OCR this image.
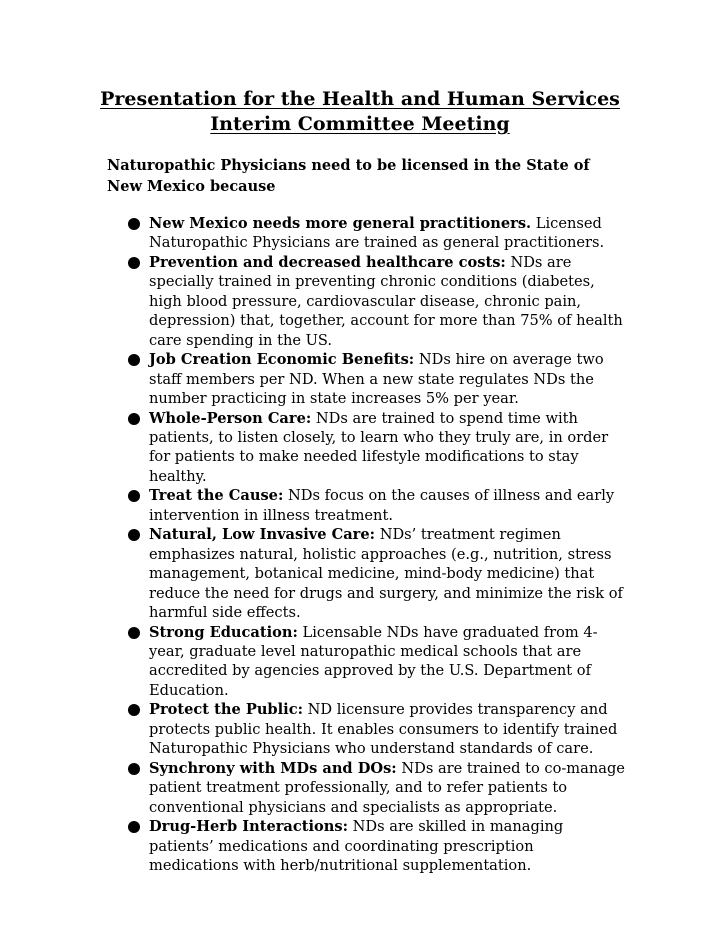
Presentation for the Health and Human Services
Interim Committee Meeting
Naturopathic Physicians need to be licensed in the State of New Mexico because
New Mexico needs more general practitioners. Licensed Naturopathic Physicians are trained as general practitioners.
Prevention and decreased healthcare costs: NDs are specially trained in preventing chronic conditions (diabetes, high blood pressure, cardiovascular disease, chronic pain, depression) that, together, account for more than 75% of health care spending in the US.
Job Creation Economic Benefits: NDs hire on average two staff members per ND. When a new state regulates NDs the number practicing in state increases 5% per year.
Whole-Person Care: NDs are trained to spend time with patients, to listen closely, to learn who they truly are, in order for patients to make needed lifestyle modifications to stay healthy.
Treat the Cause: NDs focus on the causes of illness and early intervention in illness treatment.
Natural, Low Invasive Care: NDs’ treatment regimen emphasizes natural, holistic approaches (e.g., nutrition, stress management, botanical medicine, mind-body medicine) that reduce the need for drugs and surgery, and minimize the risk of harmful side effects.
Strong Education: Licensable NDs have graduated from 4-year, graduate level naturopathic medical schools that are accredited by agencies approved by the U.S. Department of Education.
Protect the Public: ND licensure provides transparency and protects public health. It enables consumers to identify trained Naturopathic Physicians who understand standards of care.
Synchrony with MDs and DOs: NDs are trained to co-manage patient treatment professionally, and to refer patients to conventional physicians and specialists as appropriate.
Drug-Herb Interactions: NDs are skilled in managing patients’ medications and coordinating prescription medications with herb/nutritional supplementation.
